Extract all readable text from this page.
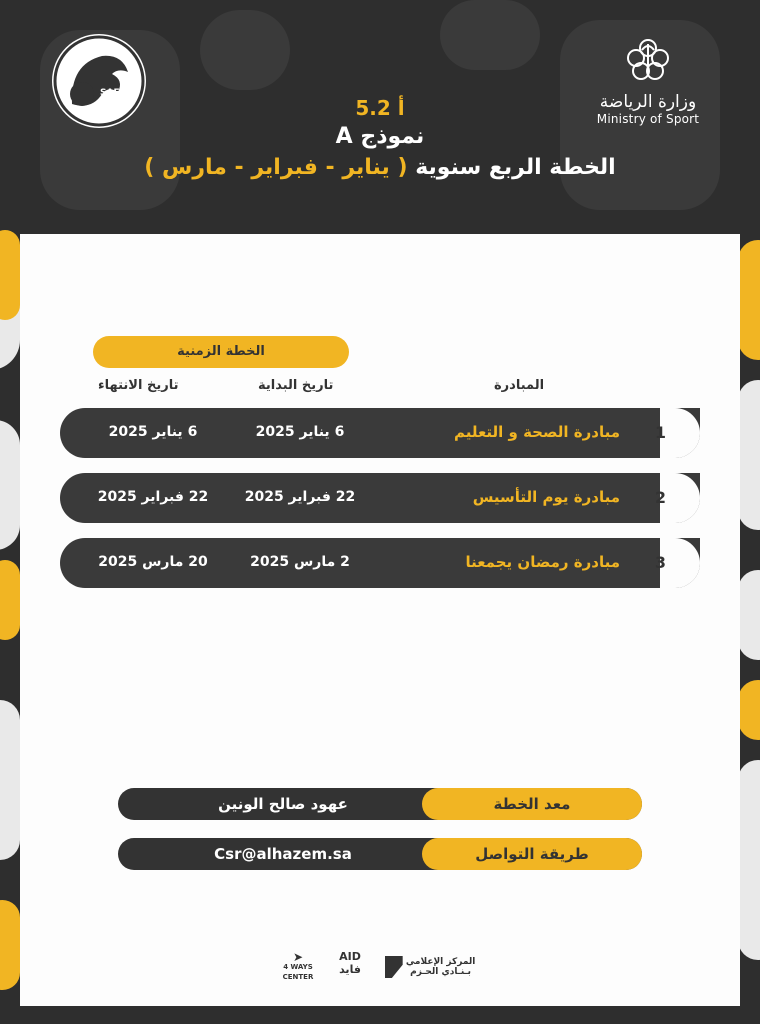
وزارة الرياضة
Ministry of Sport
SAFF
أ 5.2
نموذج A
الخطة الربع سنوية ( يناير - فبراير - مارس )
الخطة الزمنية
تاريخ البداية
تاريخ الانتهاء	المبادرة
1
مبادرة الصحة و التعليم
6 يناير 2025
6 يناير 2025
2
مبادرة يوم التأسيس
22 فبراير 2025
22 فبراير 2025
3
مبادرة رمضان يجمعنا
2 مارس 2025
20 مارس 2025
معد الخطة
عهود صالح الونين
طريقة التواصل
Csr@alhazem.sa
المركز الإعلامي
بـنـادي الحـزم
AID
فايد
➤
4 WAYS
CENTER
